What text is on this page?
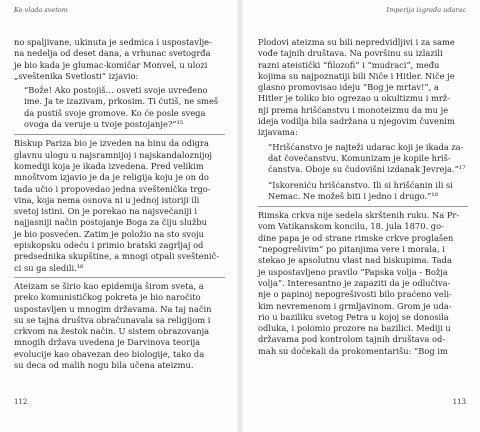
Ko vlada svetom

no spaljivane, ukinuta je sedmica i uspostavlje-
na nedelja od deset dana, a vrhunac svetogrđa
je bio kada je glumac-komičar Monvel, u ulozi
„sveštenika Svetlosti“ izjavio:

“Bože! Ako postojiš… osveti svoje uvređeno
ime. Ja te izazivam, prkosim. Ti ćutiš, ne smeš
da pustiš svoje gromove. Ko će posle svega
ovoga da veruje u tvoje postojanje?”¹⁵

Biskup Pariza bio je izveden na binu da odigra
glavnu ulogu u najsramnijoj i najskandaloznijoj
komediji koja je ikada izvedena. Pred velikim
mnoštvom izjavio je da je religija koju je on do
tada učio i propovedao jedna sveštenička trgo-
vina, koja nema osnova ni u jednoj istoriji ili
svetoj istini. On je porekao na najsvečaniji i
najjasniji način postojanje Boga za čiju službu
je bio posvećen. Zatim je položio na sto svoju
episkopsku odeću i primio bratski zagrljaj od
predsednika skupštine, a mnogi otpali sveštenič-
ci su ga sledili.¹⁶

Ateizam se širio kao epidemija širom sveta, a
preko komunističkog pokreta je bio naročito
uspostavljen u mnogim državama. Na taj način
su se tajna društva obračunavala sa religijom i
crkvom na žestok način. U sistem obrazovanja
mnogih država uvedena je Darvinova teorija
evolucije kao obavezan deo biologije, tako da
su deca od malih nogu bila učena ateizmu.

112
Imperija izgrađa udarac

Plodovi ateizma su bili nepredvidljivi i za same
vođe tajnih društava. Na površinu su izlazili
razni ateistički “filozofi” i “mudraci”, među
kojima su najpoznatiji bili Niče i Hitler. Niče je
glasno promovisao ideju “Bog je mrtav!”, a
Hitler je toliko bio ogrezao u okultizmu i mrž-
nji prema hrišćanstvu i monoteizmu da mu je
ideja vodilja bila sadržana u njegovim čuvenim
izjavama:

“Hrišćanstvo je najteži udarac koji je ikada za-
dat čovečanstvu. Komunizam je kopile hriš-
ćanstva. Oboje su čudovišni izdanak Jevreja.”¹⁷

“Iskoreniću hrišćanstvo. Ili si hrišćanin ili si
Nemac. Ne možeš biti i jedno i drugo.”¹⁸

Rimska crkva nije sedela skrštenih ruku. Na Pr-
vom Vatikanskom koncilu, 18. jula 1870. go-
dine papa je od strane rimske crkve proglašen
“nepogrešivim” po pitanjima vere i morala, i
stekao je apsolutnu vlast nad biskupima. Tada
je uspostavljeno pravilo “Papska volja - Božja
volja”. Interesantno je zapaziti da je odlučiva-
nje o papinoj nepogrešivosti bilo praćeno veli-
kim nevremenom i grmljavinom. Grom je uda-
rio u baziliku svetog Petra u kojoj se donosila
odluka, i polomio prozore na bazilici. Mediji u
državama pod kontrolom tajnih društava od-
mah su dočekali da prokomentarišu: “Bog im

113
